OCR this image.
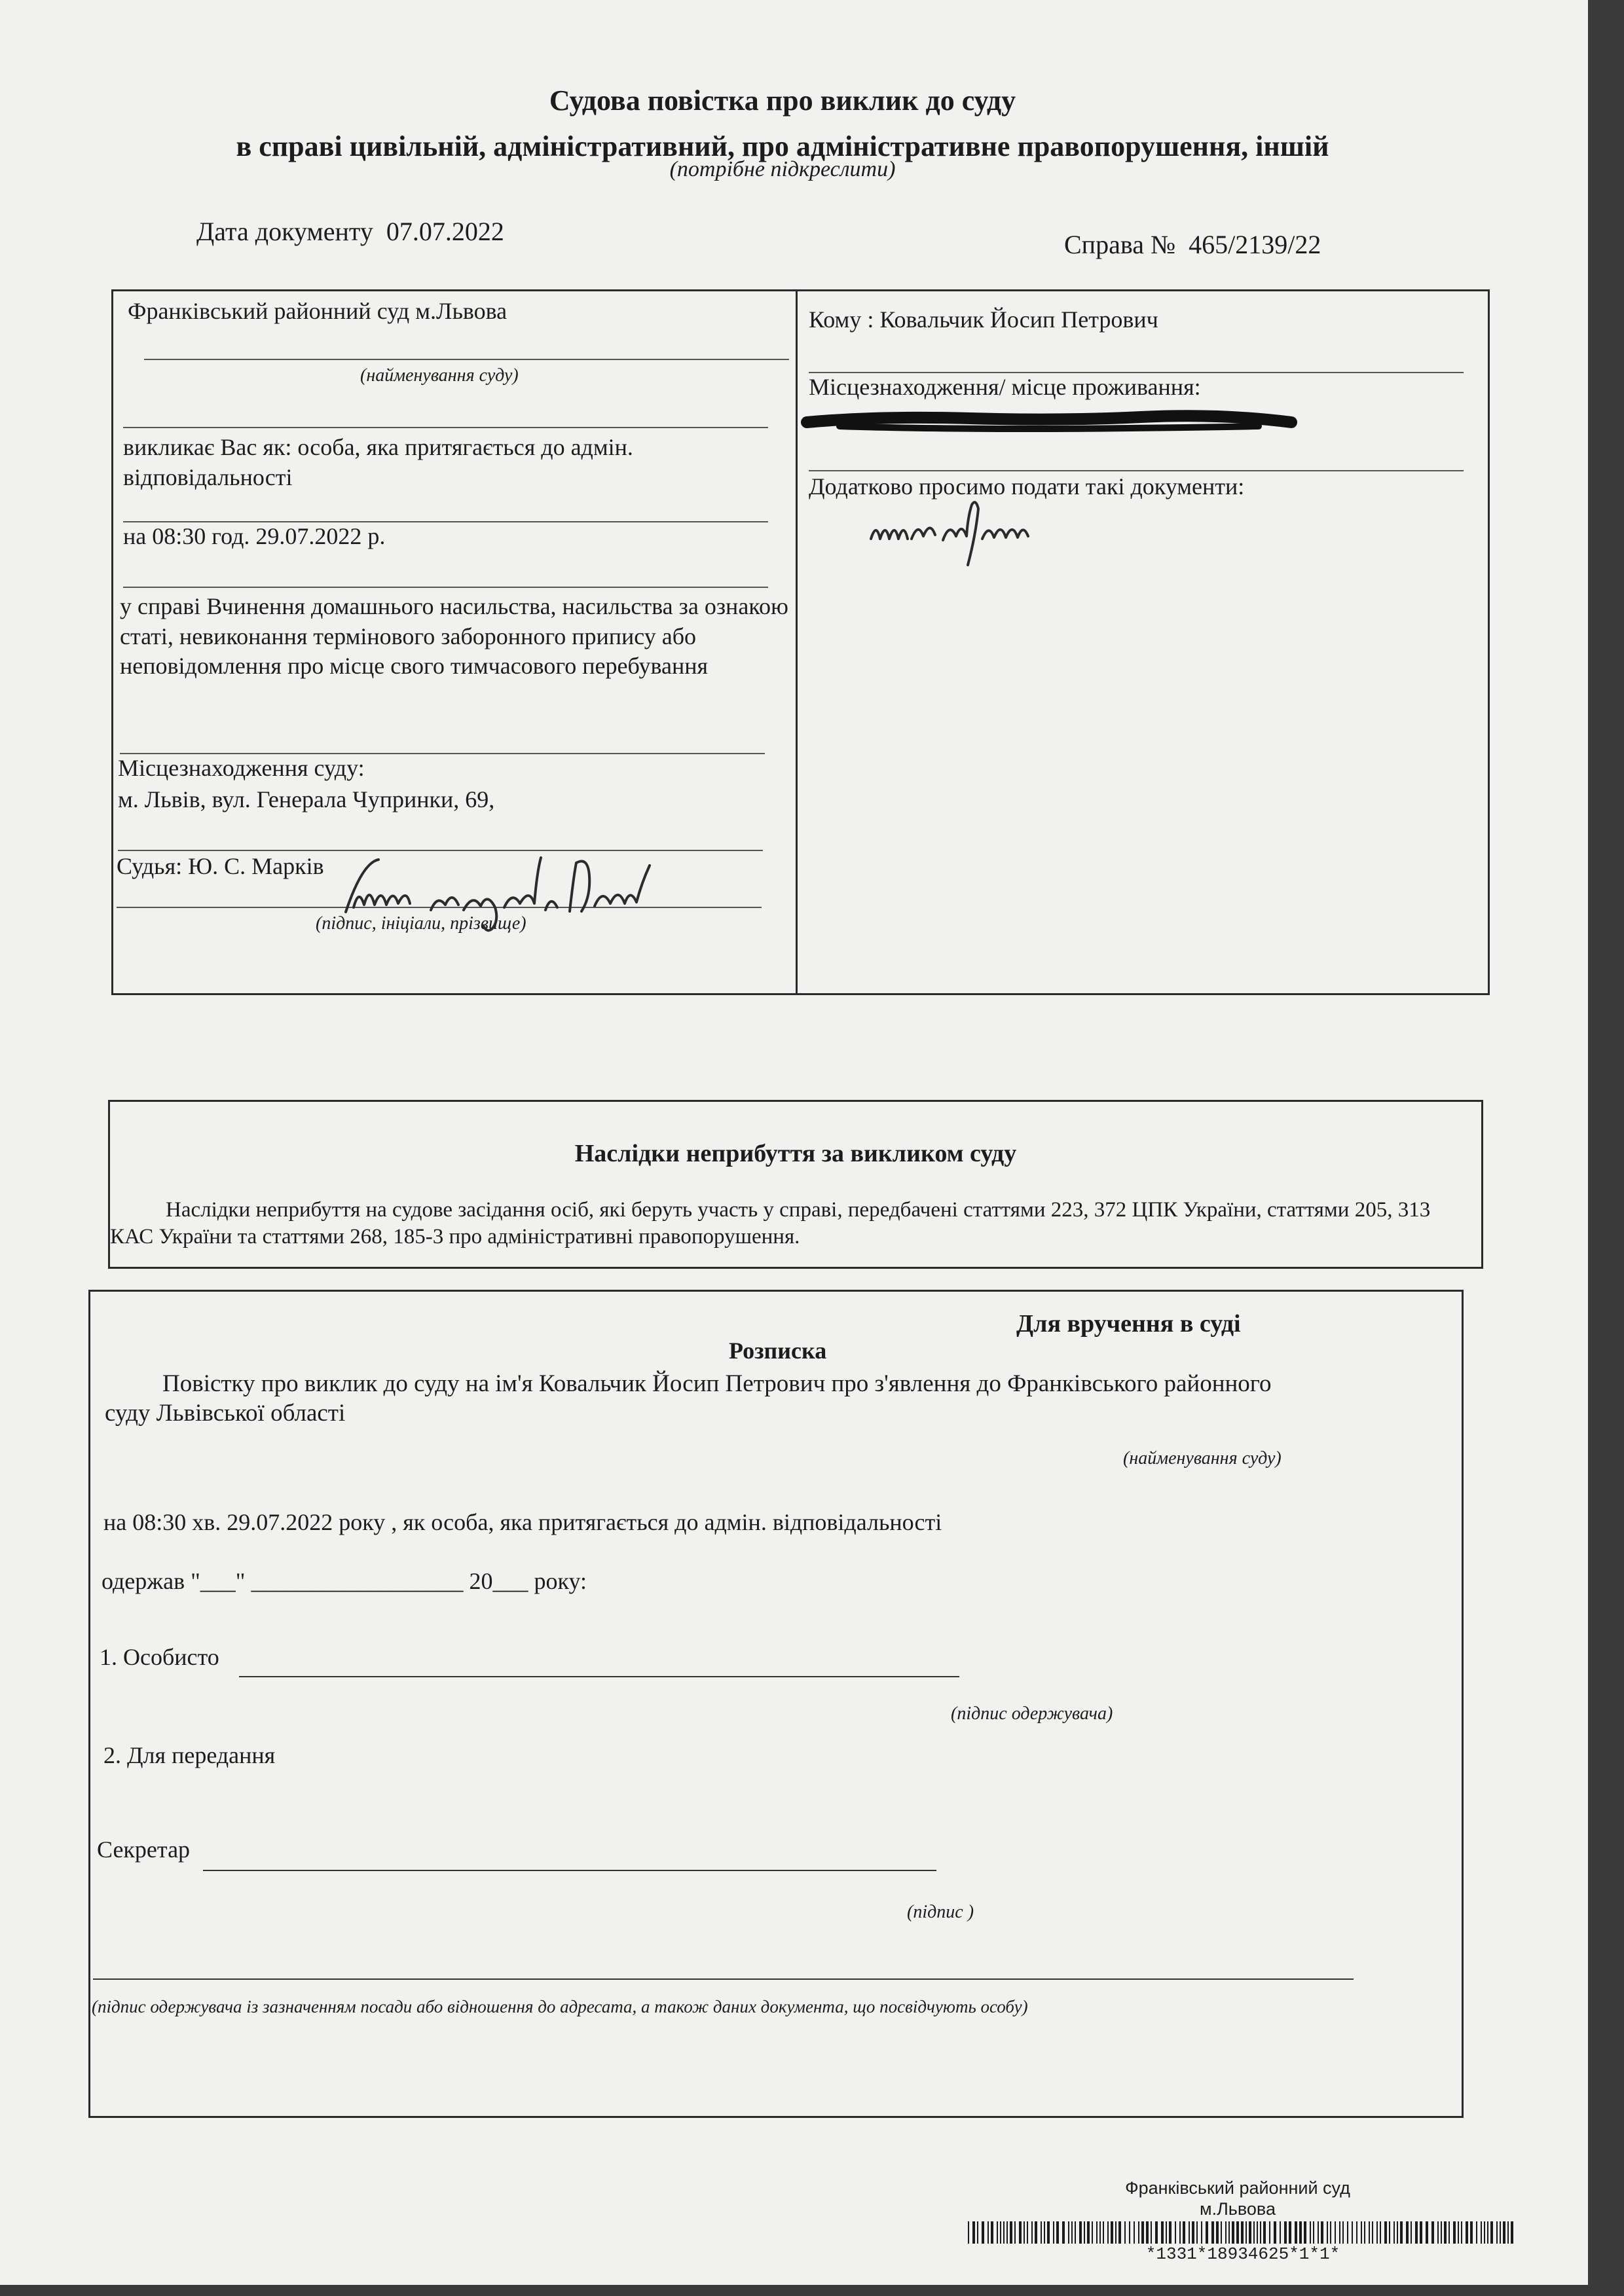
Судова повістка про виклик до суду
в справі цивільній, адміністративний, про адміністративне правопорушення, іншій
(потрібне підкреслити)
Дата документу 07.07.2022	Справа № 465/2139/22
Франківський районний суд м.Львова
(найменування суду)
викликає Вас як: особа, яка притягається до адмін. відповідальності
на 08:30 год. 29.07.2022 р.
у справі Вчинення домашнього насильства, насильства за ознакою статі, невиконання термінового заборонного припису або неповідомлення про місце свого тимчасового перебування
Місцезнаходження суду:
м. Львів, вул. Генерала Чупринки, 69,
Судья: Ю. С. Марків
(підпис, ініціали, прізвище)
Кому : Ковальчик Йосип Петрович
Місцезнаходження/ місце проживання:
Додатково просимо подати такі документи:
Наслідки неприбуття за викликом суду
Наслідки неприбуття на судове засідання осіб, які беруть участь у справі, передбачені статтями 223, 372 ЦПК України, статтями 205, 313 КАС України та статтями 268, 185-3 про адміністративні правопорушення.
Для вручення в суді
Розписка
Повістку про виклик до суду на ім'я Ковальчик Йосип Петрович про з'явлення до Франківського районного
суду Львівської області
(найменування суду)
на 08:30 хв. 29.07.2022 року , як особа, яка притягається до адмін. відповідальності
одержав "___" __________________ 20___ року:
1. Особисто
(підпис одержувача)
2. Для передання
Секретар
(підпис )
(підпис одержувача із зазначенням посади або відношення до адресата, а також даних документа, що посвідчують особу)
Франківський районний суд
м.Львова
*1331*18934625*1*1*
